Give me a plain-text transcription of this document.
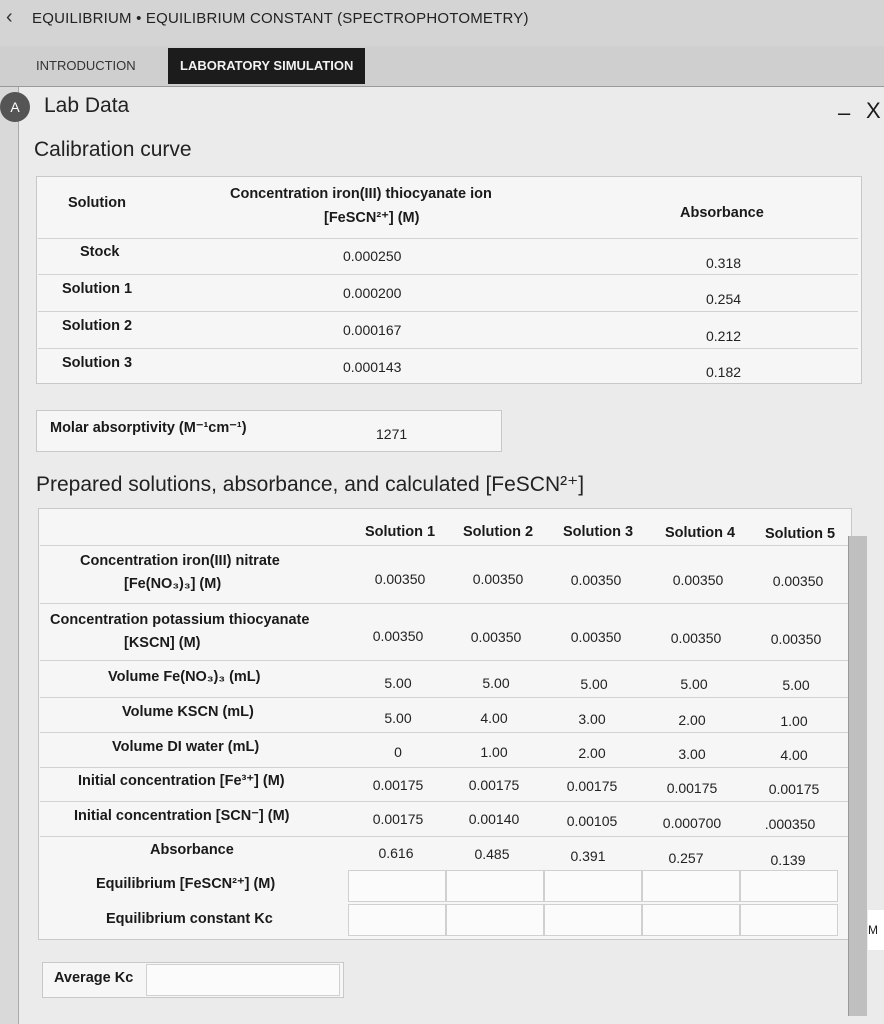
‹ EQUILIBRIUM • EQUILIBRIUM CONSTANT (SPECTROPHOTOMETRY)
INTRODUCTION	LABORATORY SIMULATION
A	Lab Data	– X
Calibration curve
Solution
Concentration iron(III) thiocyanate ion
[FeSCN²⁺] (M)	Absorbance
Stock	0.000250	0.318
Solution 1	0.000200	0.254
Solution 2	0.000167	0.212
Solution 3	0.000143	0.182
Molar absorptivity (M⁻¹cm⁻¹)	1271
Prepared solutions, absorbance, and calculated [FeSCN²⁺]
Solution 1	Solution 2	Solution 3	Solution 4	Solution 5
Concentration iron(III) nitrate
[Fe(NO₃)₃] (M)	0.00350	0.00350	0.00350	0.00350	0.00350
Concentration potassium thiocyanate
[KSCN] (M)	0.00350	0.00350	0.00350	0.00350	0.00350
Volume Fe(NO₃)₃ (mL)	5.00	5.00	5.00	5.00	5.00
Volume KSCN (mL)	5.00	4.00	3.00	2.00	1.00
Volume DI water (mL)	0	1.00	2.00	3.00	4.00
Initial concentration [Fe³⁺] (M)	0.00175	0.00175	0.00175	0.00175	0.00175
Initial concentration [SCN⁻] (M)	0.00175	0.00140	0.00105	0.000700	.000350
Absorbance	0.616	0.485	0.391	0.257	0.139
Equilibrium [FeSCN²⁺] (M)
Equilibrium constant Kc
Average Kc
M
